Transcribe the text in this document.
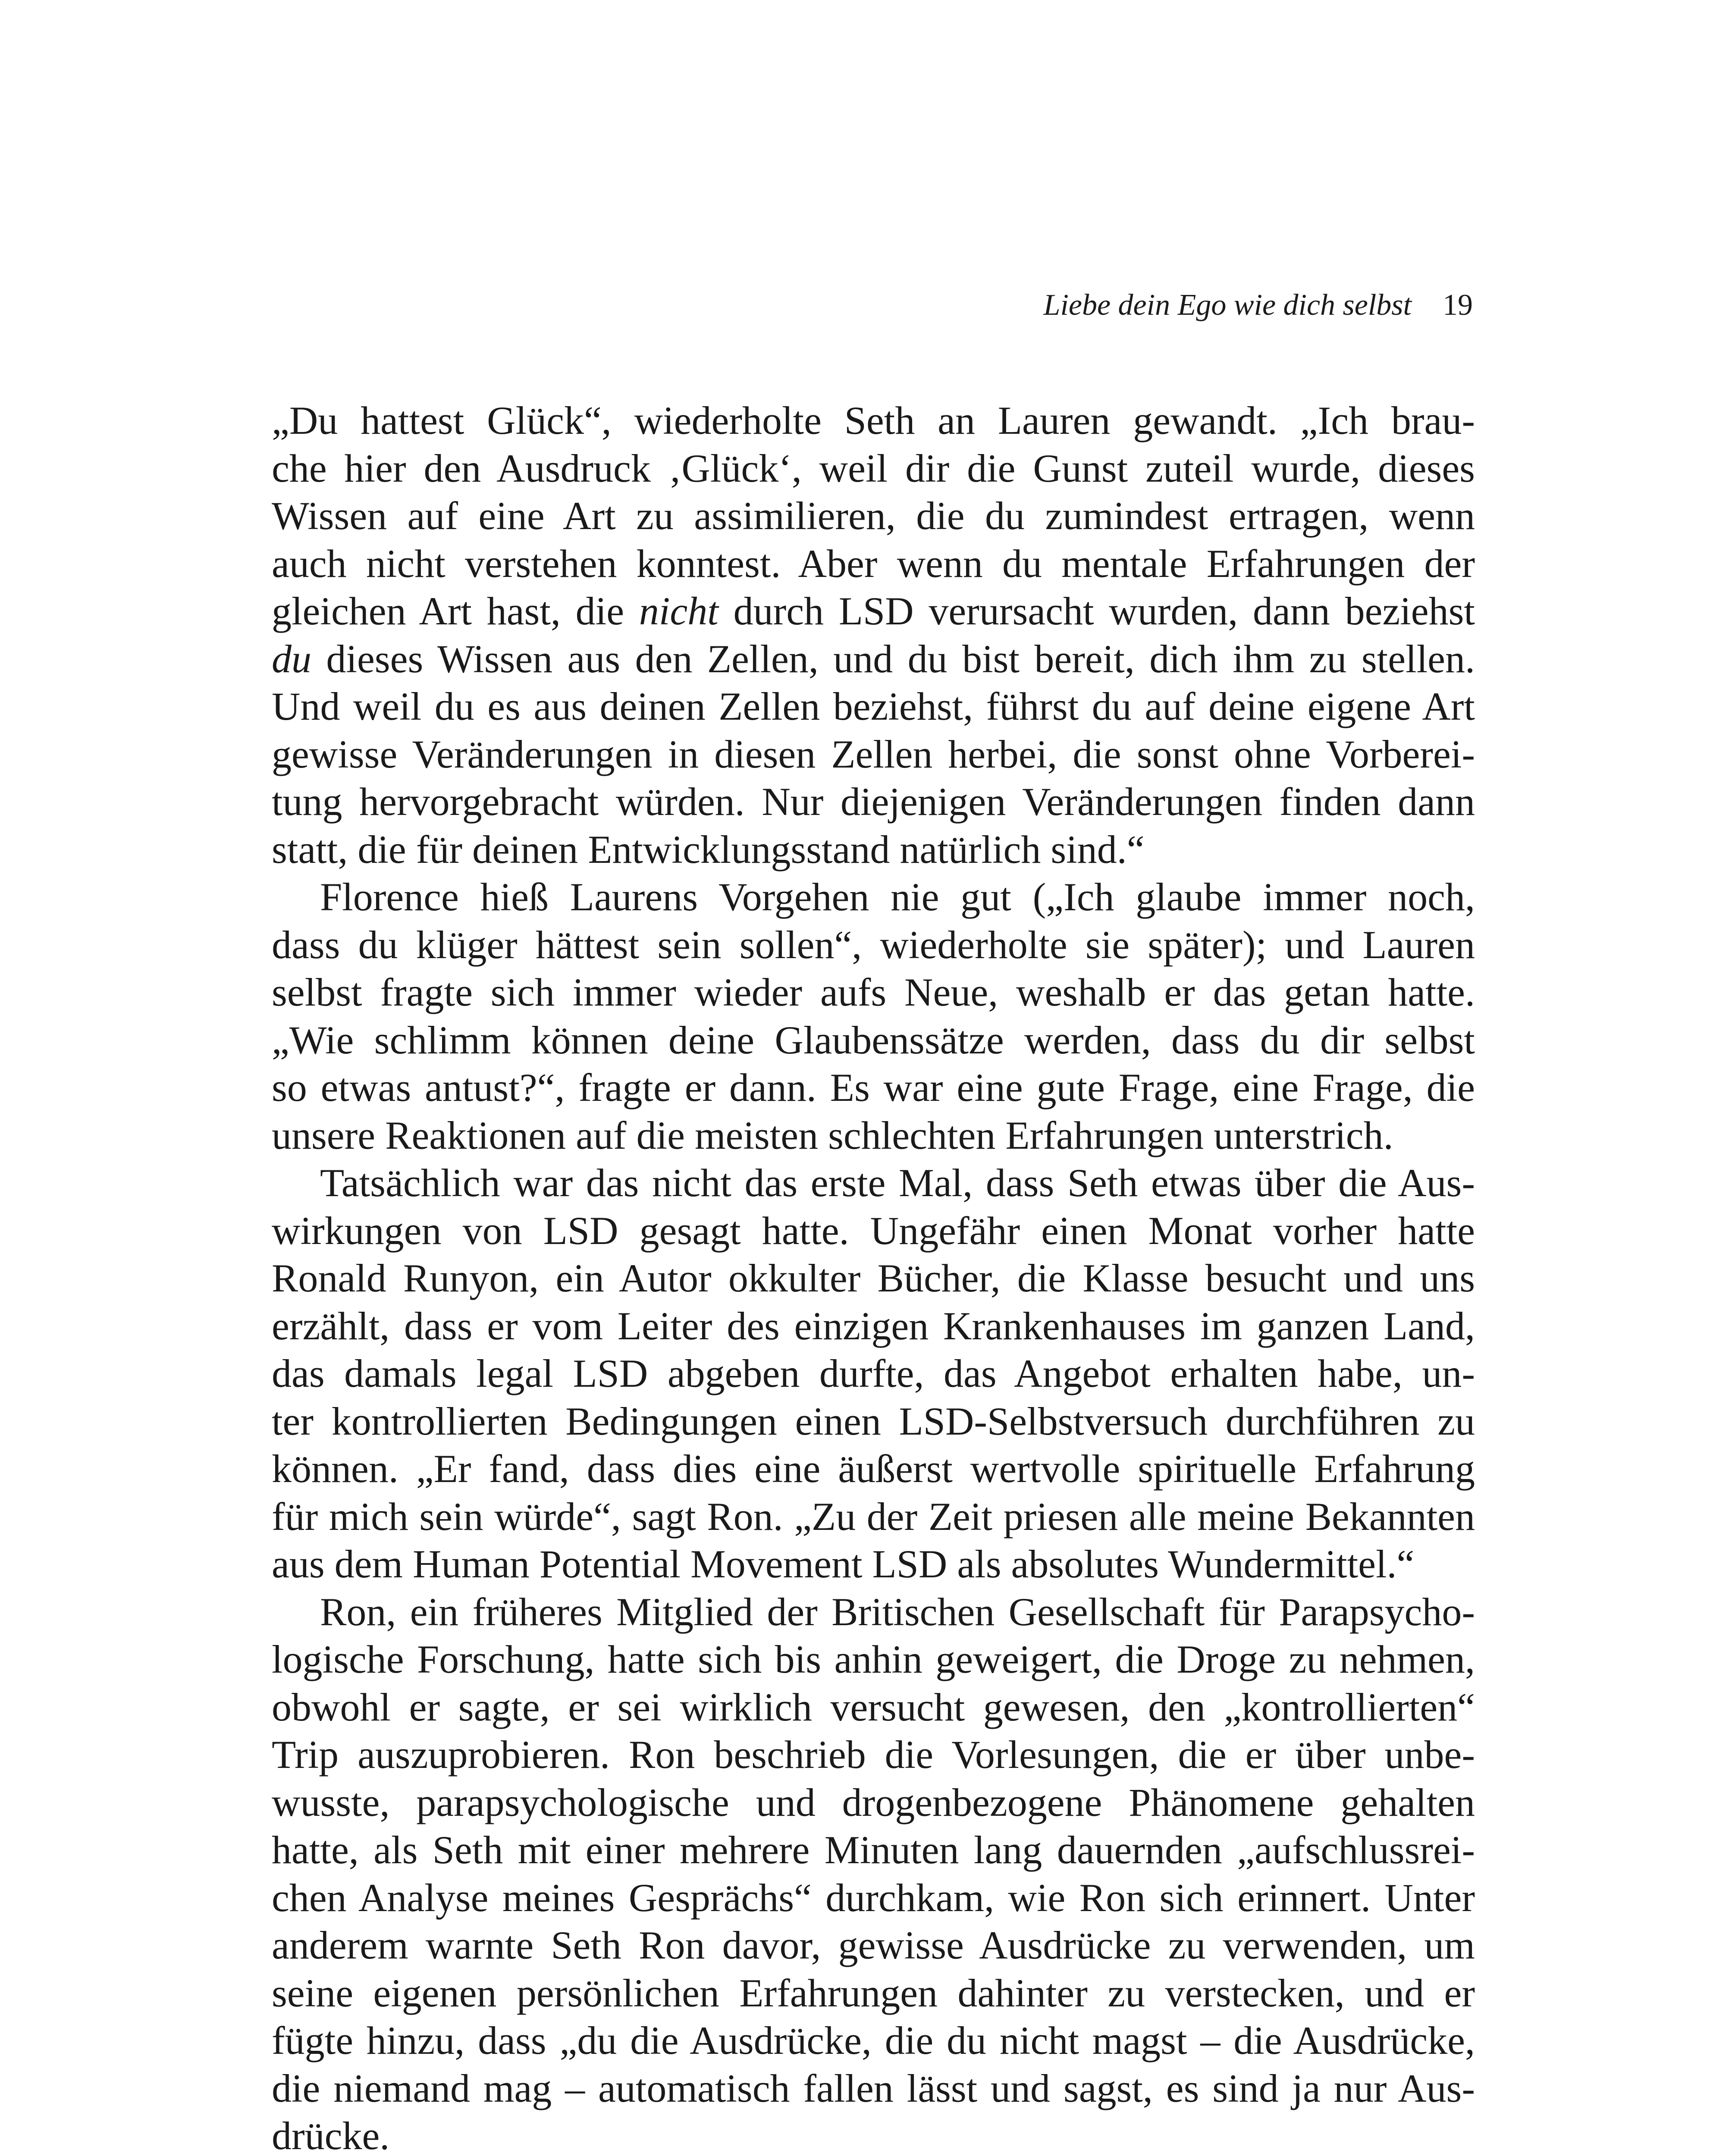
Liebe dein Ego wie dich selbst 19
„Du hattest Glück“, wiederholte Seth an Lauren gewandt. „Ich brau-
che hier den Ausdruck ‚Glück‘, weil dir die Gunst zuteil wurde, dieses
Wissen auf eine Art zu assimilieren, die du zumindest ertragen, wenn
auch nicht verstehen konntest. Aber wenn du mentale Erfahrungen der
gleichen Art hast, die nicht durch LSD verursacht wurden, dann beziehst
du dieses Wissen aus den Zellen, und du bist bereit, dich ihm zu stellen.
Und weil du es aus deinen Zellen beziehst, führst du auf deine eigene Art
gewisse Veränderungen in diesen Zellen herbei, die sonst ohne Vorberei-
tung hervorgebracht würden. Nur diejenigen Veränderungen finden dann
statt, die für deinen Entwicklungsstand natürlich sind.“
Florence hieß Laurens Vorgehen nie gut („Ich glaube immer noch,
dass du klüger hättest sein sollen“, wiederholte sie später); und Lauren
selbst fragte sich immer wieder aufs Neue, weshalb er das getan hatte.
„Wie schlimm können deine Glaubenssätze werden, dass du dir selbst
so etwas antust?“, fragte er dann. Es war eine gute Frage, eine Frage, die
unsere Reaktionen auf die meisten schlechten Erfahrungen unterstrich.
Tatsächlich war das nicht das erste Mal, dass Seth etwas über die Aus-
wirkungen von LSD gesagt hatte. Ungefähr einen Monat vorher hatte
Ronald Runyon, ein Autor okkulter Bücher, die Klasse besucht und uns
erzählt, dass er vom Leiter des einzigen Krankenhauses im ganzen Land,
das damals legal LSD abgeben durfte, das Angebot erhalten habe, un-
ter kontrollierten Bedingungen einen LSD-Selbstversuch durchführen zu
können. „Er fand, dass dies eine äußerst wertvolle spirituelle Erfahrung
für mich sein würde“, sagt Ron. „Zu der Zeit priesen alle meine Bekannten
aus dem Human Potential Movement LSD als absolutes Wundermittel.“
Ron, ein früheres Mitglied der Britischen Gesellschaft für Parapsycho-
logische Forschung, hatte sich bis anhin geweigert, die Droge zu nehmen,
obwohl er sagte, er sei wirklich versucht gewesen, den „kontrollierten“
Trip auszuprobieren. Ron beschrieb die Vorlesungen, die er über unbe-
wusste, parapsychologische und drogenbezogene Phänomene gehalten
hatte, als Seth mit einer mehrere Minuten lang dauernden „aufschlussrei-
chen Analyse meines Gesprächs“ durchkam, wie Ron sich erinnert. Unter
anderem warnte Seth Ron davor, gewisse Ausdrücke zu verwenden, um
seine eigenen persönlichen Erfahrungen dahinter zu verstecken, und er
fügte hinzu, dass „du die Ausdrücke, die du nicht magst – die Ausdrücke,
die niemand mag – automatisch fallen lässt und sagst, es sind ja nur Aus-
drücke.
